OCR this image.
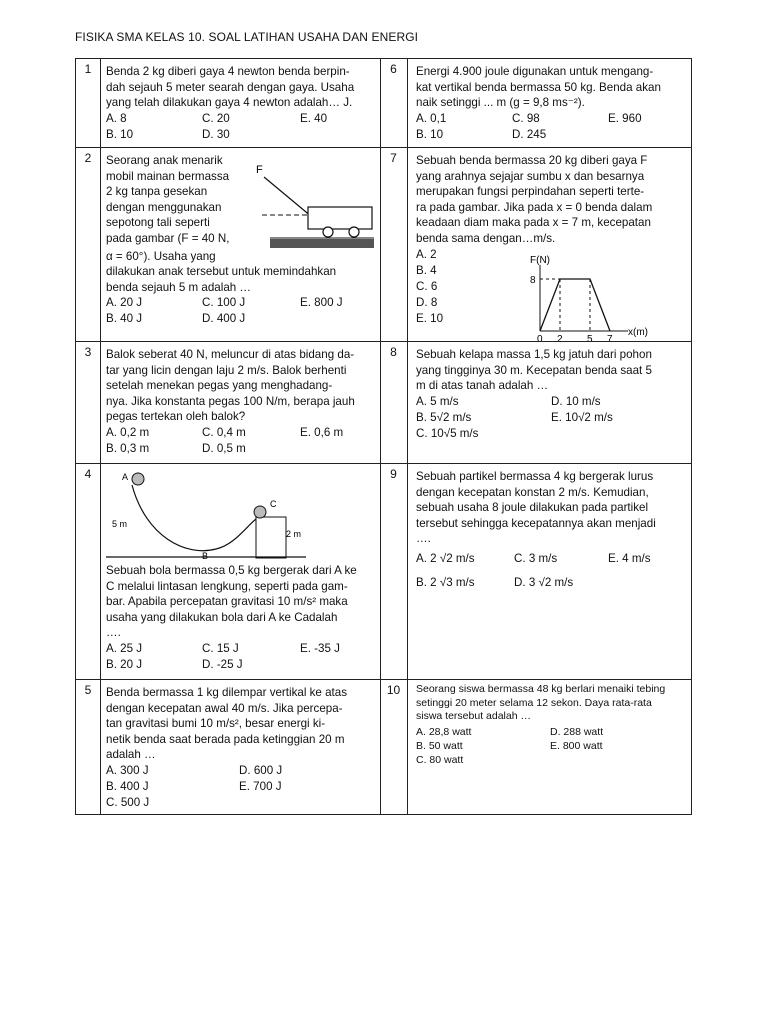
FISIKA SMA KELAS 10. SOAL LATIHAN USAHA DAN ENERGI
1	Benda 2 kg diberi gaya 4 newton benda berpin-
dah sejauh 5 meter searah dengan gaya. Usaha
yang telah dilakukan gaya 4 newton adalah… J.
A. 8	C. 20	E. 40
B. 10	D. 30
2	Seorang anak menarik
mobil mainan bermassa
2 kg tanpa gesekan
dengan menggunakan
sepotong tali seperti
pada gambar (F = 40 N,
α = 60°). Usaha yang
dilakukan anak tersebut untuk memindahkan
benda sejauh 5 m adalah …
A. 20 J	C. 100 J	E. 800 J
B. 40 J	D. 400 J
F
3	Balok seberat 40 N, meluncur di atas bidang da-
tar yang licin dengan laju 2 m/s. Balok berhenti
setelah menekan pegas yang menghadang-
nya. Jika konstanta pegas 100 N/m, berapa jauh
pegas tertekan oleh balok?
A. 0,2 m	C. 0,4 m	E. 0,6 m
B. 0,3 m	D. 0,5 m
4	A
C
5 m
2 m
B
Sebuah bola bermassa 0,5 kg bergerak dari A ke
C melalui lintasan lengkung, seperti pada gam-
bar. Apabila percepatan gravitasi 10 m/s² maka
usaha yang dilakukan bola dari A ke Cadalah
….
A. 25 J	C. 15 J	E. -35 J
B. 20 J	D. -25 J
5	Benda bermassa 1 kg dilempar vertikal ke atas
dengan kecepatan awal 40 m/s. Jika percepa-
tan gravitasi bumi 10 m/s², besar energi ki-
netik benda saat berada pada ketinggian 20 m
adalah …
A. 300 J	D. 600 J
B. 400 J	E. 700 J
C. 500 J
6	Energi 4.900 joule digunakan untuk mengang-
kat vertikal benda bermassa 50 kg. Benda akan
naik setinggi ... m (g = 9,8 ms⁻²).
A. 0,1	C. 98	E. 960
B. 10	D. 245
7	Sebuah benda bermassa 20 kg diberi gaya F
yang arahnya sejajar sumbu x dan besarnya
merupakan fungsi perpindahan seperti terte-
ra pada gambar. Jika pada x = 0 benda dalam
keadaan diam maka pada x = 7 m, kecepatan
benda sama dengan…m/s.
A. 2
B. 4
C. 6
D. 8
E. 10
F(N)
x(m)
0 2 5 7
8
8	Sebuah kelapa massa 1,5 kg jatuh dari pohon
yang tingginya 30 m. Kecepatan benda saat 5
m di atas tanah adalah …
A. 5 m/s	D. 10 m/s
B. 5√2 m/s	E. 10√2 m/s
C. 10√5 m/s
9	Sebuah partikel bermassa 4 kg bergerak lurus
dengan kecepatan konstan 2 m/s. Kemudian,
sebuah usaha 8 joule dilakukan pada partikel
tersebut sehingga kecepatannya akan menjadi
….
A. 2 √2 m/s	C. 3 m/s	E. 4 m/s
B. 2 √3 m/s	D. 3 √2 m/s
10	Seorang siswa bermassa 48 kg berlari menaiki tebing
setinggi 20 meter selama 12 sekon. Daya rata-rata
siswa tersebut adalah …
A. 28,8 watt	D. 288 watt
B. 50 watt	E. 800 watt
C. 80 watt
